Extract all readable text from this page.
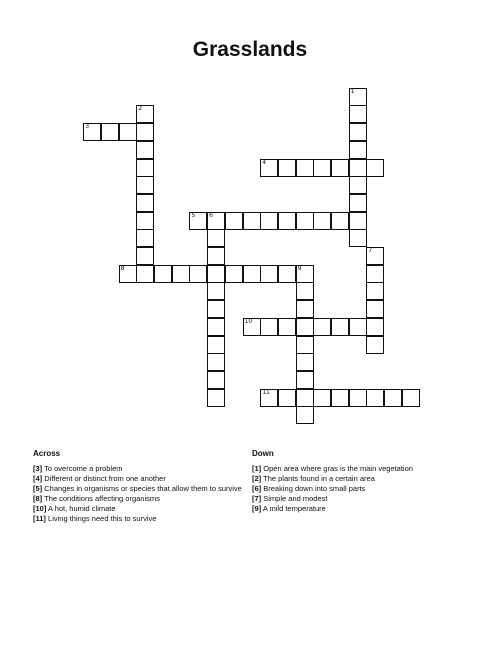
Grasslands
1
2
3
4
5 6
7
8	9
10
11
Across

[3] To overcome a problem

[4] Different or distinct from one another

[5] Changes in organisms or species that allow them to survive

[8] The conditions affecting organisms

[10] A hot, humid climate

[11] Living things need this to survive

Down

[1] Open area where gras is the main vegetation

[2] The plants found in a certain area

[6] Breaking down into small parts

[7] Simple and modest

[9] A mild temperature
